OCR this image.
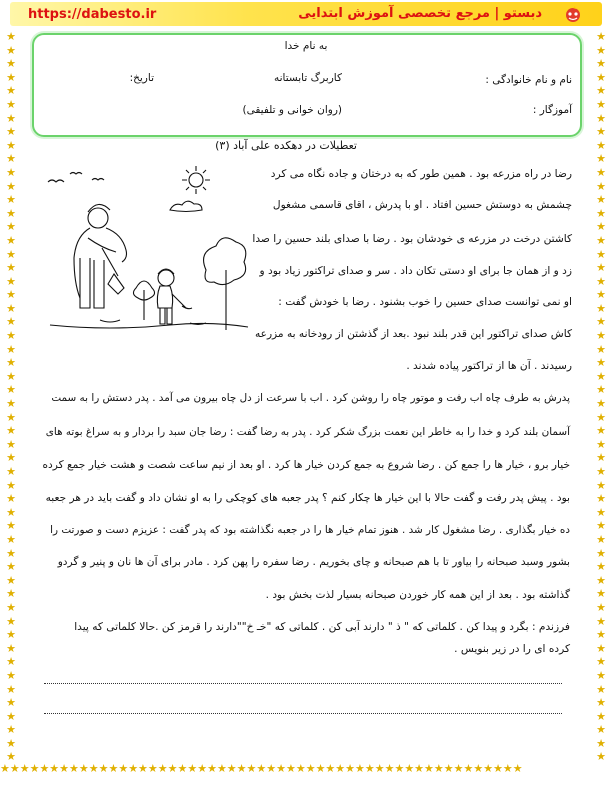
★★★★★★★★★★★★★★★★★★★★★★★★★★★★★★★★★★★★★★★★★★★★★★★★★★★★★
★
★
★
★
★
★
★
★
★
★
★
★
★
★
★
★
★
★
★
★
★
★
★
★
★
★
★
★
★
★
★
★
★
★
★
★
★
★
★
★
★
★
★
★
★
★
★
★
★
★
★
★
★
★
★
★
★
★
★
★
★
★
★
★
★
★
★
★
★
★
★
★
★
★
★
★
★
★
★
★
★
★
★
★
★
★
★
★
★
★
★
★
★
★
★
★
★
★
★
★
★
★
★
★
★
★
★
★
https://dabesto.ir	دبستو | مرجع تخصصی آموزش ابتدایی
به نام خدا
نام و نام خانوادگی :
کاربرگ تابستانه
تاریخ:
آموزگار :
(روان خوانی و تلفیقی)
تعطیلات در دهکده علی آباد (۳)
رضا در راه مزرعه بود . همین طور که به درختان و جاده نگاه می کرد
چشمش به دوستش حسین افتاد . او با پدرش ، اقای قاسمی مشغول
کاشتن درخت در مزرعه ی خودشان بود . رضا با صدای بلند حسین را صدا
زد و از همان جا برای او دستی تکان داد . سر و صدای تراکتور زیاد بود و
او نمی توانست صدای حسین را خوب بشنود . رضا با خودش گفت :
کاش صدای تراکتور این قدر بلند نبود .بعد از گذشتن از رودخانه به مزرعه
رسیدند . آن ها از تراکتور پیاده شدند .
پدرش به طرف چاه اب رفت و موتور چاه را روشن کرد . اب با سرعت از دل چاه بیرون می آمد . پدر دستش را به سمت
آسمان بلند کرد و خدا را به خاطر این نعمت بزرگ شکر کرد . پدر به رضا گفت : رضا جان سبد را بردار و به سراغ بوته های
خیار برو ، خیار ها را جمع کن . رضا شروع به جمع کردن خیار ها کرد . او بعد از نیم ساعت شصت و هشت خیار جمع کرده
بود . پیش پدر رفت و گفت حالا با این خیار ها چکار کنم ؟ پدر جعبه های کوچکی را به او نشان داد و گفت باید در هر جعبه
ده خیار بگذاری . رضا مشغول کار شد . هنوز تمام خیار ها را در جعبه نگذاشته بود که پدر گفت : عزیزم دست و صورتت را
بشور وسبد صبحانه را بیاور تا با هم صبحانه و چای بخوریم . رضا سفره را پهن کرد . مادر برای آن ها نان و پنیر و گردو
گذاشته بود . بعد از این همه کار خوردن صبحانه بسیار لذت بخش بود .
فرزندم : بگرد و پیدا کن . کلماتی که " ذ " دارند آبی کن . کلماتی که "خـ خ""دارند را قرمز کن .حالا کلماتی که پیدا
کرده ای را در زیر بنویس .
